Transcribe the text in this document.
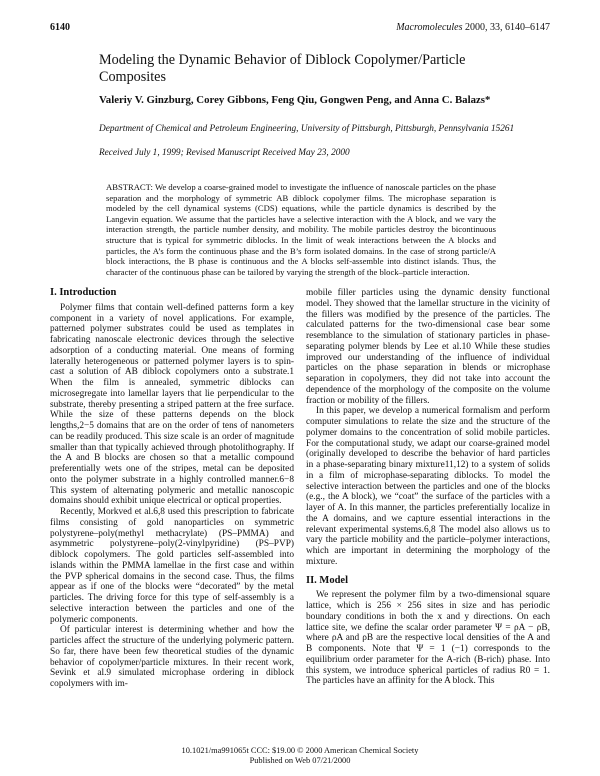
6140	Macromolecules 2000, 33, 6140–6147
Modeling the Dynamic Behavior of Diblock Copolymer/Particle Composites
Valeriy V. Ginzburg, Corey Gibbons, Feng Qiu, Gongwen Peng, and Anna C. Balazs*
Department of Chemical and Petroleum Engineering, University of Pittsburgh, Pittsburgh, Pennsylvania 15261
Received July 1, 1999; Revised Manuscript Received May 23, 2000
ABSTRACT: We develop a coarse-grained model to investigate the influence of nanoscale particles on the phase separation and the morphology of symmetric AB diblock copolymer films. The microphase separation is modeled by the cell dynamical systems (CDS) equations, while the particle dynamics is described by the Langevin equation. We assume that the particles have a selective interaction with the A block, and we vary the interaction strength, the particle number density, and mobility. The mobile particles destroy the bicontinuous structure that is typical for symmetric diblocks. In the limit of weak interactions between the A blocks and particles, the A’s form the continuous phase and the B’s form isolated domains. In the case of strong particle/A block interactions, the B phase is continuous and the A blocks self-assemble into distinct islands. Thus, the character of the continuous phase can be tailored by varying the strength of the block–particle interaction.
I. Introduction

Polymer films that contain well-defined patterns form a key component in a variety of novel applications. For example, patterned polymer substrates could be used as templates in fabricating nanoscale electronic devices through the selective adsorption of a conducting material. One means of forming laterally heterogeneous or patterned polymer layers is to spin-cast a solution of AB diblock copolymers onto a substrate.1 When the film is annealed, symmetric diblocks can microsegregate into lamellar layers that lie perpendicular to the substrate, thereby presenting a striped pattern at the free surface. While the size of these patterns depends on the block lengths,2−5 domains that are on the order of tens of nanometers can be readily produced. This size scale is an order of magnitude smaller than that typically achieved through photolithography. If the A and B blocks are chosen so that a metallic compound preferentially wets one of the stripes, metal can be deposited onto the polymer substrate in a highly controlled manner.6−8 This system of alternating polymeric and metallic nanoscopic domains should exhibit unique electrical or optical properties.

Recently, Morkved et al.6,8 used this prescription to fabricate films consisting of gold nanoparticles on symmetric polystyrene–poly(methyl methacrylate) (PS–PMMA) and asymmetric polystyrene–poly(2-vinylpyridine) (PS–PVP) diblock copolymers. The gold particles self-assembled into islands within the PMMA lamellae in the first case and within the PVP spherical domains in the second case. Thus, the films appear as if one of the blocks were “decorated” by the metal particles. The driving force for this type of self-assembly is a selective interaction between the particles and one of the polymeric components.

Of particular interest is determining whether and how the particles affect the structure of the underlying polymeric pattern. So far, there have been few theoretical studies of the dynamic behavior of copolymer/particle mixtures. In their recent work, Sevink et al.9 simulated microphase ordering in diblock copolymers with im-

mobile filler particles using the dynamic density functional model. They showed that the lamellar structure in the vicinity of the fillers was modified by the presence of the particles. The calculated patterns for the two-dimensional case bear some resemblance to the simulation of stationary particles in phase-separating polymer blends by Lee et al.10 While these studies improved our understanding of the influence of individual particles on the phase separation in blends or microphase separation in copolymers, they did not take into account the dependence of the morphology of the composite on the volume fraction or mobility of the fillers.

In this paper, we develop a numerical formalism and perform computer simulations to relate the size and the structure of the polymer domains to the concentration of solid mobile particles. For the computational study, we adapt our coarse-grained model (originally developed to describe the behavior of hard particles in a phase-separating binary mixture11,12) to a system of solids in a film of microphase-separating diblocks. To model the selective interaction between the particles and one of the blocks (e.g., the A block), we “coat” the surface of the particles with a layer of A. In this manner, the particles preferentially localize in the A domains, and we capture essential interactions in the relevant experimental systems.6,8 The model also allows us to vary the particle mobility and the particle–polymer interactions, which are important in determining the morphology of the mixture.

II. Model

We represent the polymer film by a two-dimensional square lattice, which is 256 × 256 sites in size and has periodic boundary conditions in both the x and y directions. On each lattice site, we define the scalar order parameter Ψ = ρA − ρB, where ρA and ρB are the respective local densities of the A and B components. Note that Ψ = 1 (−1) corresponds to the equilibrium order parameter for the A-rich (B-rich) phase. Into this system, we introduce spherical particles of radius R0 = 1. The particles have an affinity for the A block. This

10.1021/ma991065t CCC: $19.00 © 2000 American Chemical Society
Published on Web 07/21/2000
